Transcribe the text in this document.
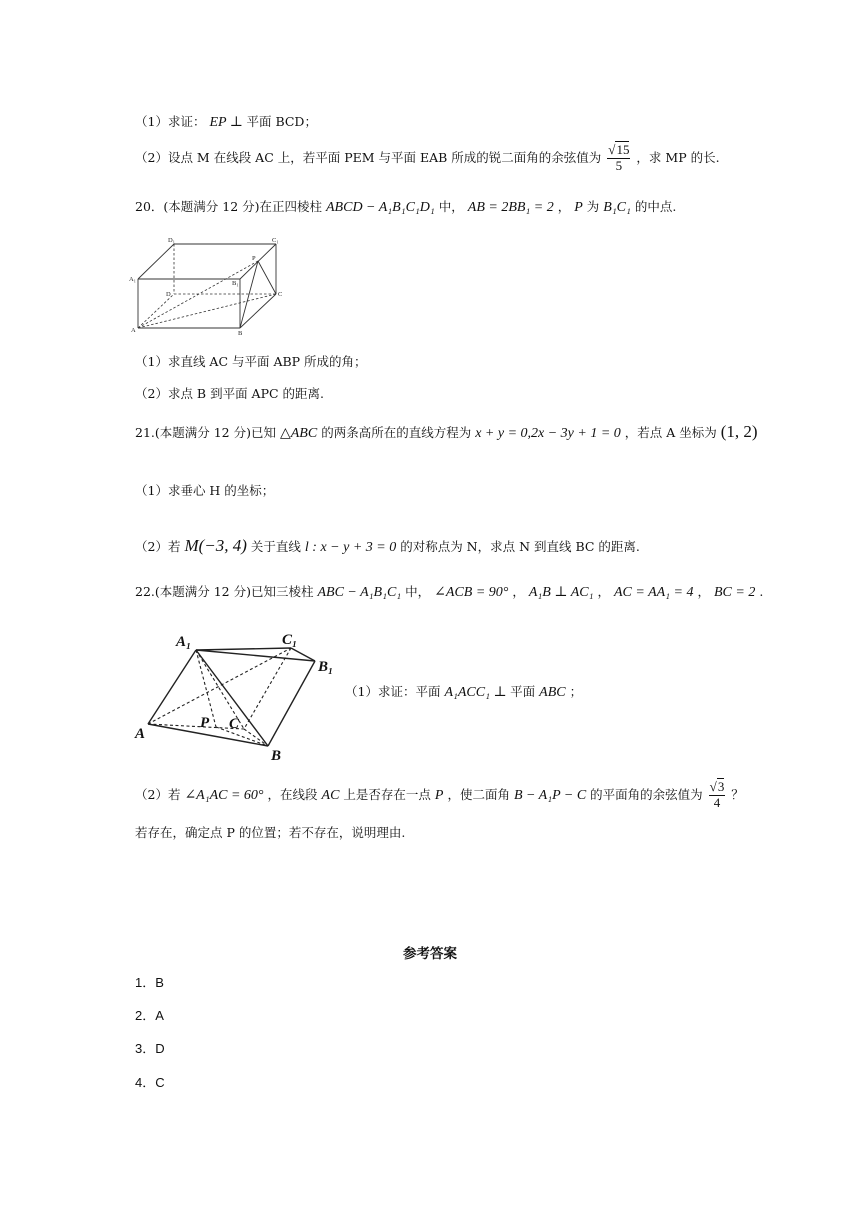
（1）求证： EP ⊥ 平面 BCD；
（2）设点 M 在线段 AC 上，若平面 PEM 与平面 EAB 所成的锐二面角的余弦值为 $\frac{√15}{5}$ ，求 MP 的长.
20．(本题满分 12 分)在正四棱柱 ABCD − A₁B₁C₁D₁ 中， AB = 2BB₁ = 2 ， P 为 B₁C₁ 的中点.
D₁	C₁
A₁
B₁
P
D	C
A	B
（1）求直线 AC 与平面 ABP 所成的角；
（2）求点 B 到平面 APC 的距离.
21.(本题满分 12 分)已知 △ABC 的两条高所在的直线方程为 x + y = 0,2x − 3y + 1 = 0 ，若点 A 坐标为 (1, 2)
（1）求垂心 H 的坐标；
（2）若 M(−3, 4) 关于直线 l : x − y + 3 = 0 的对称点为 N，求点 N 到直线 BC 的距离.
22.(本题满分 12 分)已知三棱柱 ABC − A₁B₁C₁ 中， ∠ACB = 90° ， A₁B ⊥ AC₁ ， AC = AA₁ = 4 ， BC = 2 .
A₁	C₁
B₁
A
P C
B
（1）求证：平面 A₁ACC₁ ⊥ 平面 ABC ；
（2）若 ∠A₁AC = 60° ，在线段 AC 上是否存在一点 P ，使二面角 B − A₁P − C 的平面角的余弦值为 $\frac{√3}{4}$ ？
若存在，确定点 P 的位置；若不存在，说明理由.
参考答案
1．B
2．A
3．D
4．C
